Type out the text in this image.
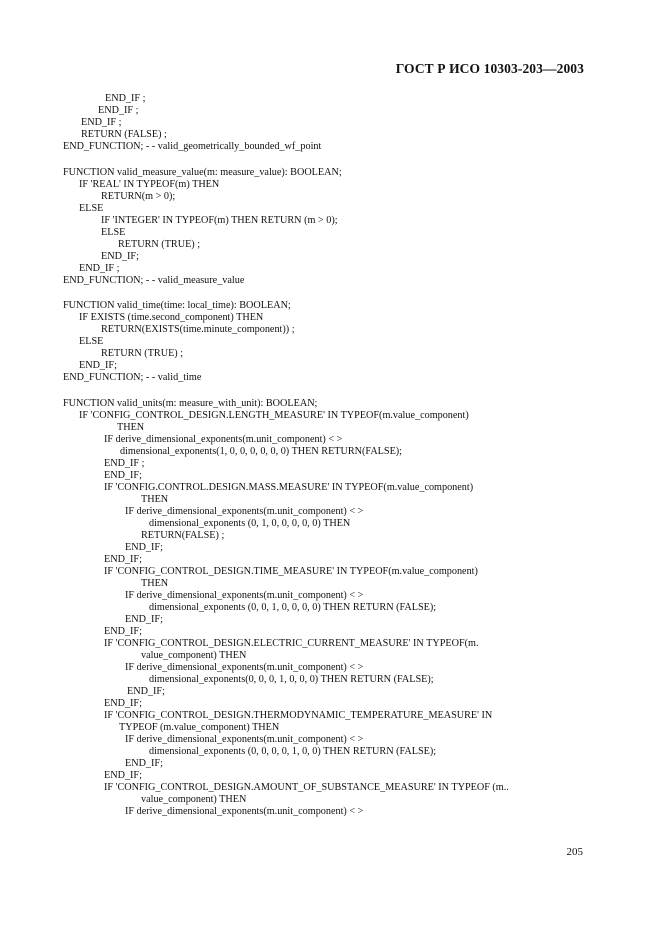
ГОСТ Р ИСО 10303-203—2003
END_IF ;
END_IF ;
END_IF ;
RETURN (FALSE) ;
END_FUNCTION; - - valid_geometrically_bounded_wf_point
FUNCTION valid_measure_value(m: measure_value): BOOLEAN;
IF 'REAL' IN TYPEOF(m) THEN
RETURN(m > 0);
ELSE
IF 'INTEGER' IN TYPEOF(m) THEN RETURN (m > 0);
ELSE
RETURN (TRUE) ;
END_IF;
END_IF ;
END_FUNCTION; - - valid_measure_value
FUNCTION valid_time(time: local_time): BOOLEAN;
IF EXISTS (time.second_component) THEN
RETURN(EXISTS(time.minute_component)) ;
ELSE
RETURN (TRUE) ;
END_IF;
END_FUNCTION; - - valid_time
FUNCTION valid_units(m: measure_with_unit): BOOLEAN;
IF 'CONFIG_CONTROL_DESIGN.LENGTH_MEASURE' IN TYPEOF(m.value_component)
THEN
IF derive_dimensional_exponents(m.unit_component) < >
dimensional_exponents(1, 0, 0, 0, 0, 0, 0) THEN RETURN(FALSE);
END_IF ;
END_IF;
IF 'CONFIG.CONTROL.DESIGN.MASS.MEASURE' IN TYPEOF(m.value_component)
THEN
IF derive_dimensional_exponents(m.unit_component) < >
dimensional_exponents (0, 1, 0, 0, 0, 0, 0) THEN
RETURN(FALSE) ;
END_IF;
END_IF;
IF 'CONFIG_CONTROL_DESIGN.TIME_MEASURE' IN TYPEOF(m.value_component)
THEN
IF derive_dimensional_exponents(m.unit_component) < >
dimensional_exponents (0, 0, 1, 0, 0, 0, 0) THEN RETURN (FALSE);
END_IF;
END_IF;
IF 'CONFIG_CONTROL_DESIGN.ELECTRIC_CURRENT_MEASURE' IN TYPEOF(m.
value_component) THEN
IF derive_dimensional_exponents(m.unit_component) < >
dimensional_exponents(0, 0, 0, 1, 0, 0, 0) THEN RETURN (FALSE);
END_IF;
END_IF;
IF 'CONFIG_CONTROL_DESIGN.THERMODYNAMIC_TEMPERATURE_MEASURE' IN
TYPEOF (m.value_component) THEN
IF derive_dimensional_exponents(m.unit_component) < >
dimensional_exponents (0, 0, 0, 0, 1, 0, 0) THEN RETURN (FALSE);
END_IF;
END_IF;
IF 'CONFIG_CONTROL_DESIGN.AMOUNT_OF_SUBSTANCE_MEASURE' IN TYPEOF (m..
value_component) THEN
IF derive_dimensional_exponents(m.unit_component) < >
205
